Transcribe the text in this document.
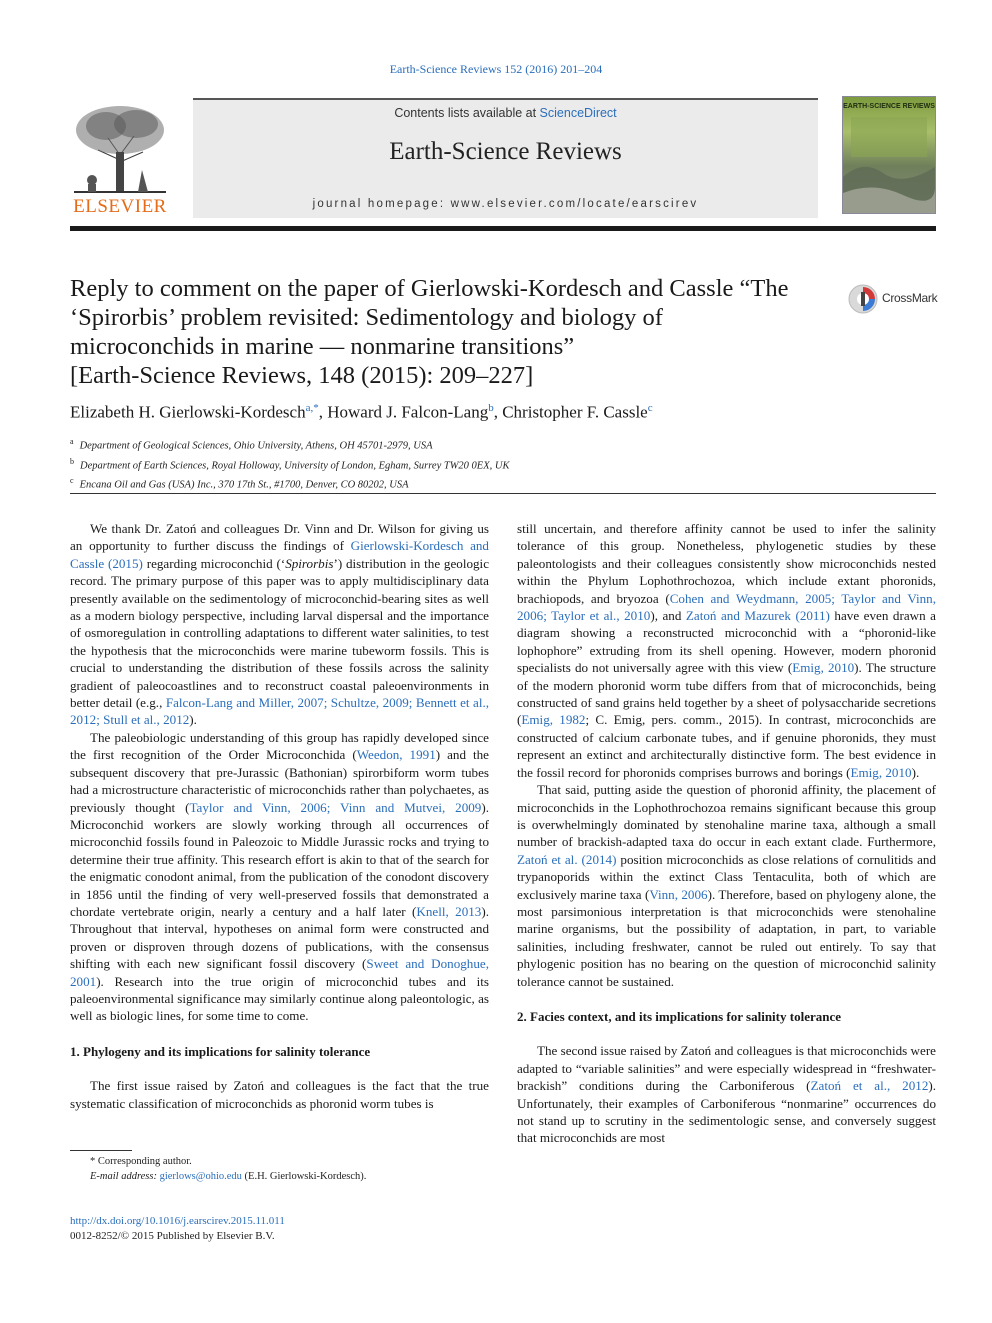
Earth-Science Reviews 152 (2016) 201–204
ELSEVIER
Contents lists available at ScienceDirect
Earth-Science Reviews
journal homepage: www.elsevier.com/locate/earscirev
EARTH-SCIENCE REVIEWS
Reply to comment on the paper of Gierlowski-Kordesch and Cassle “The
‘Spirorbis’ problem revisited: Sedimentology and biology of
microconchids in marine — nonmarine transitions”
[Earth-Science Reviews, 148 (2015): 209–227]
CrossMark
Elizabeth H. Gierlowski-Kordesch$^{a,*}$, Howard J. Falcon-Lang$^b$, Christopher F. Cassle$^c$
$^a$ Department of Geological Sciences, Ohio University, Athens, OH 45701-2979, USA
$^b$ Department of Earth Sciences, Royal Holloway, University of London, Egham, Surrey TW20 0EX, UK
$^c$ Encana Oil and Gas (USA) Inc., 370 17th St., #1700, Denver, CO 80202, USA

We thank Dr. Zatoń and colleagues Dr. Vinn and Dr. Wilson for giving us an opportunity to further discuss the findings of Gierlowski-Kordesch and Cassle (2015) regarding microconchid (‘Spirorbis’) distribution in the geologic record. The primary purpose of this paper was to apply multidisciplinary data presently available on the sedimentology of microconchid-bearing sites as well as a modern biology perspective, including larval dispersal and the importance of osmoregulation in controlling adaptations to different water salinities, to test the hypothesis that the microconchids were marine tubeworm fossils. This is crucial to understanding the distribution of these fossils across the salinity gradient of paleocoastlines and to reconstruct coastal paleoenvironments in better detail (e.g., Falcon-Lang and Miller, 2007; Schultze, 2009; Bennett et al., 2012; Stull et al., 2012).

The paleobiologic understanding of this group has rapidly developed since the first recognition of the Order Microconchida (Weedon, 1991) and the subsequent discovery that pre-Jurassic (Bathonian) spirorbiform worm tubes had a microstructure characteristic of microconchids rather than polychaetes, as previously thought (Taylor and Vinn, 2006; Vinn and Mutvei, 2009). Microconchid workers are slowly working through all occurrences of microconchid fossils found in Paleozoic to Middle Jurassic rocks and trying to determine their true affinity. This research effort is akin to that of the search for the enigmatic conodont animal, from the publication of the conodont discovery in 1856 until the finding of very well-preserved fossils that demonstrated a chordate vertebrate origin, nearly a century and a half later (Knell, 2013). Throughout that interval, hypotheses on animal form were constructed and proven or disproven through dozens of publications, with the consensus shifting with each new significant fossil discovery (Sweet and Donoghue, 2001). Research into the true origin of microconchid tubes and its paleoenvironmental significance may similarly continue along paleontologic, as well as biologic lines, for some time to come.

1. Phylogeny and its implications for salinity tolerance

The first issue raised by Zatoń and colleagues is the fact that the true systematic classification of microconchids as phoronid worm tubes is

still uncertain, and therefore affinity cannot be used to infer the salinity tolerance of this group. Nonetheless, phylogenetic studies by these paleontologists and their colleagues consistently show microconchids nested within the Phylum Lophothrochozoa, which include extant phoronids, brachiopods, and bryozoa (Cohen and Weydmann, 2005; Taylor and Vinn, 2006; Taylor et al., 2010), and Zatoń and Mazurek (2011) have even drawn a diagram showing a reconstructed microconchid with a “phoronid-like lophophore” extruding from its shell opening. However, modern phoronid specialists do not universally agree with this view (Emig, 2010). The structure of the modern phoronid worm tube differs from that of microconchids, being constructed of sand grains held together by a sheet of polysaccharide secretions (Emig, 1982; C. Emig, pers. comm., 2015). In contrast, microconchids are constructed of calcium carbonate tubes, and if genuine phoronids, they must represent an extinct and architecturally distinctive form. The best evidence in the fossil record for phoronids comprises burrows and borings (Emig, 2010).

That said, putting aside the question of phoronid affinity, the placement of microconchids in the Lophothrochozoa remains significant because this group is overwhelmingly dominated by stenohaline marine taxa, although a small number of brackish-adapted taxa do occur in each extant clade. Furthermore, Zatoń et al. (2014) position microconchids as close relations of cornulitids and trypanoporids within the extinct Class Tentaculita, both of which are exclusively marine taxa (Vinn, 2006). Therefore, based on phylogeny alone, the most parsimonious interpretation is that microconchids were stenohaline marine organisms, but the possibility of adaptation, in part, to variable salinities, including freshwater, cannot be ruled out entirely. To say that phylogenic position has no bearing on the question of microconchid salinity tolerance cannot be sustained.

2. Facies context, and its implications for salinity tolerance

The second issue raised by Zatoń and colleagues is that microconchids were adapted to “variable salinities” and were especially widespread in “freshwater-brackish” conditions during the Carboniferous (Zatoń et al., 2012). Unfortunately, their examples of Carboniferous “nonmarine” occurrences do not stand up to scrutiny in the sedimentologic sense, and conversely suggest that microconchids are most

* Corresponding author.
E-mail address: gierlows@ohio.edu (E.H. Gierlowski-Kordesch).
http://dx.doi.org/10.1016/j.earscirev.2015.11.011
0012-8252/© 2015 Published by Elsevier B.V.
